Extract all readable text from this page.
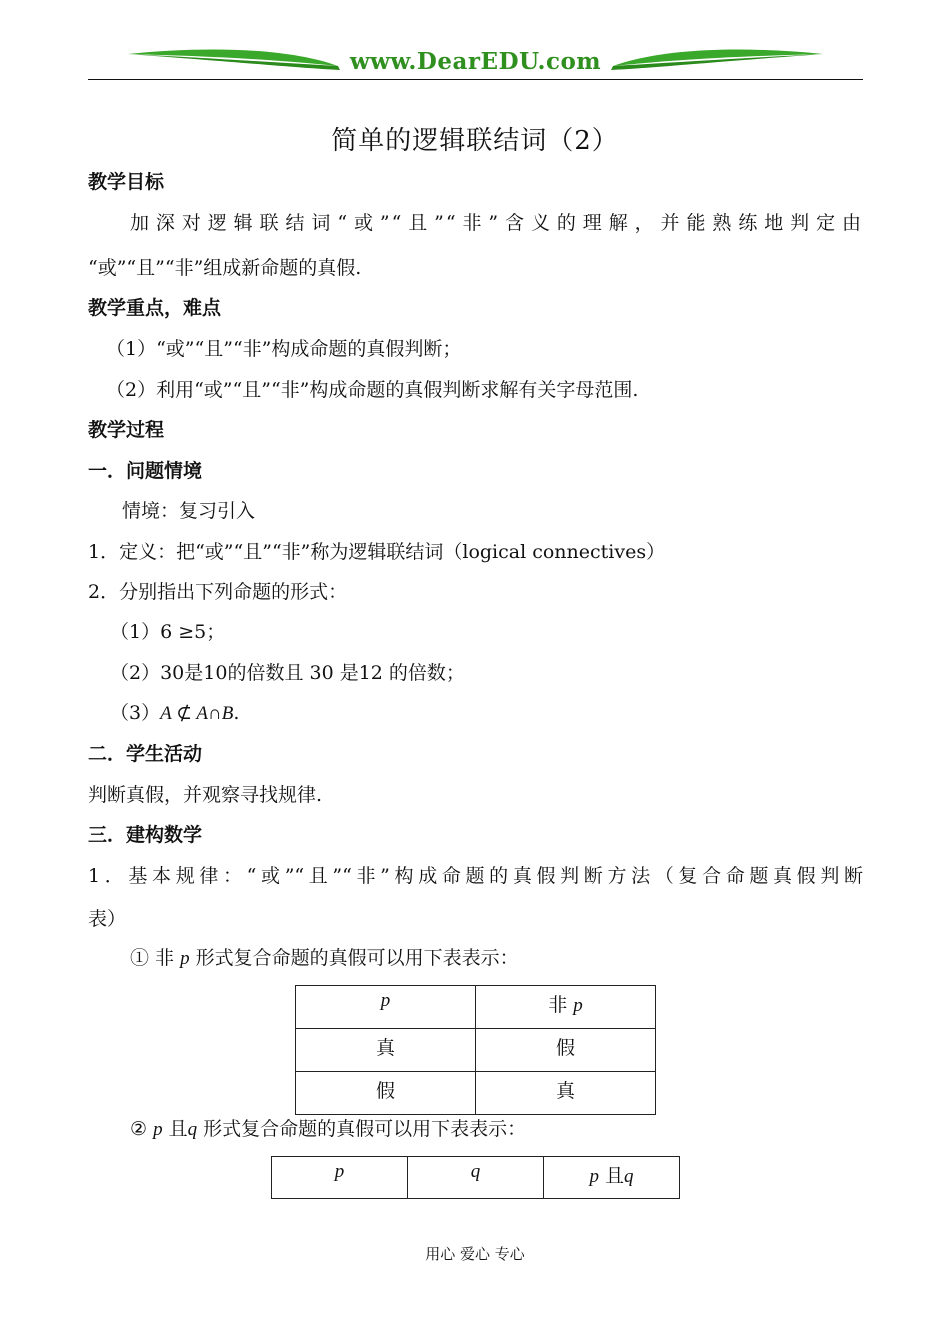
www.DearEDU.com
简单的逻辑联结词（2）
教学目标
加深对逻辑联结词“或”“且”“非”含义的理解，并能熟练地判定由
“或”“且”“非”组成新命题的真假.
教学重点，难点
（1）“或”“且”“非”构成命题的真假判断；
（2）利用“或”“且”“非”构成命题的真假判断求解有关字母范围.
教学过程
一．问题情境
情境：复习引入
1．定义：把“或”“且”“非”称为逻辑联结词（logical connectives）
2．分别指出下列命题的形式：
（1）6 ≥5；
（2）30是10的倍数且 30 是12 的倍数；
（3）A ⊄ A∩B.
二．学生活动
判断真假，并观察寻找规律.
三．建构数学
1．基本规律：“或”“且”“非”构成命题的真假判断方法（复合命题真假判断
表）
① 非 p 形式复合命题的真假可以用下表表示：
p	非 p
真	假
假	真
② p 且q 形式复合命题的真假可以用下表表示：
p	q	p 且q
用心 爱心 专心
